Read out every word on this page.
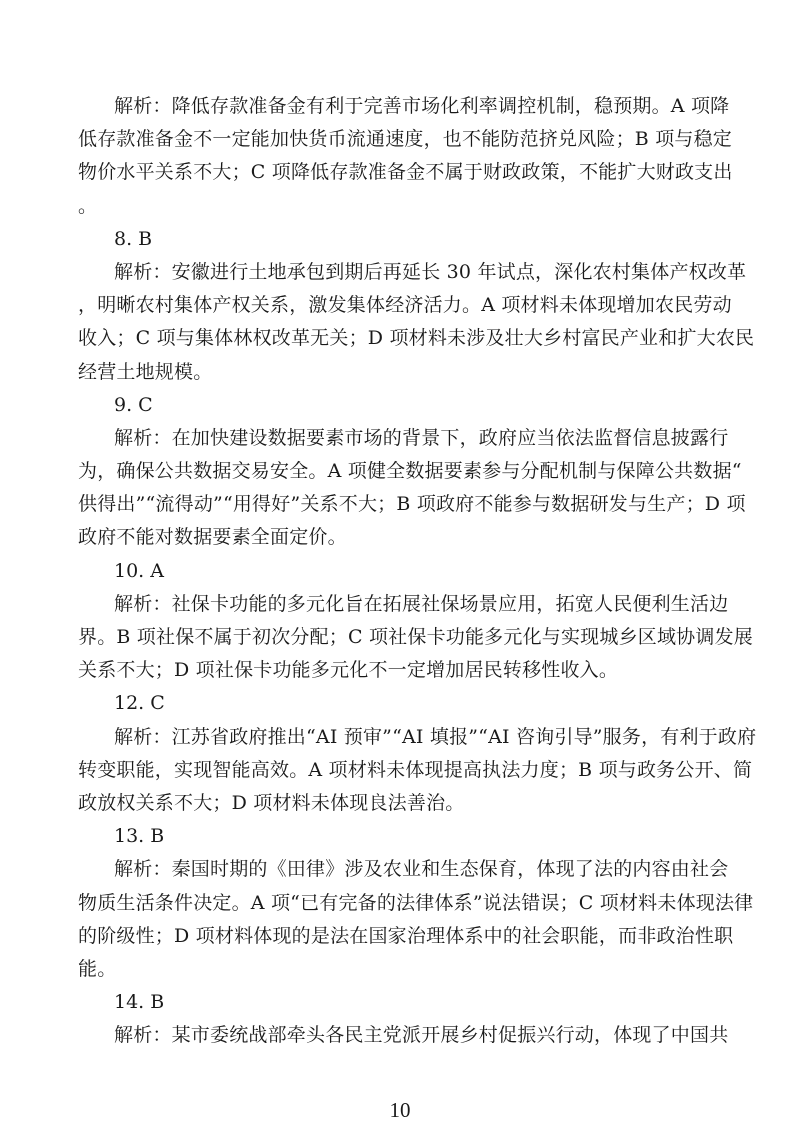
解析：降低存款准备金有利于完善市场化利率调控机制，稳预期。A 项降
低存款准备金不一定能加快货币流通速度，也不能防范挤兑风险；B 项与稳定
物价水平关系不大；C 项降低存款准备金不属于财政政策，不能扩大财政支出
。
8. B
解析：安徽进行土地承包到期后再延长 30 年试点，深化农村集体产权改革
，明晰农村集体产权关系，激发集体经济活力。A 项材料未体现增加农民劳动
收入；C 项与集体林权改革无关；D 项材料未涉及壮大乡村富民产业和扩大农民
经营土地规模。
9. C
解析：在加快建设数据要素市场的背景下，政府应当依法监督信息披露行
为，确保公共数据交易安全。A 项健全数据要素参与分配机制与保障公共数据“
供得出”“流得动”“用得好”关系不大；B 项政府不能参与数据研发与生产；D 项
政府不能对数据要素全面定价。
10. A
解析：社保卡功能的多元化旨在拓展社保场景应用，拓宽人民便利生活边
界。B 项社保不属于初次分配；C 项社保卡功能多元化与实现城乡区域协调发展
关系不大；D 项社保卡功能多元化不一定增加居民转移性收入。
12. C
解析：江苏省政府推出“AI 预审”“AI 填报”“AI 咨询引导”服务，有利于政府
转变职能，实现智能高效。A 项材料未体现提高执法力度；B 项与政务公开、简
政放权关系不大；D 项材料未体现良法善治。
13. B
解析：秦国时期的《田律》涉及农业和生态保育，体现了法的内容由社会
物质生活条件决定。A 项“已有完备的法律体系”说法错误；C 项材料未体现法律
的阶级性；D 项材料体现的是法在国家治理体系中的社会职能，而非政治性职
能。
14. B
解析：某市委统战部牵头各民主党派开展乡村促振兴行动，体现了中国共
10
